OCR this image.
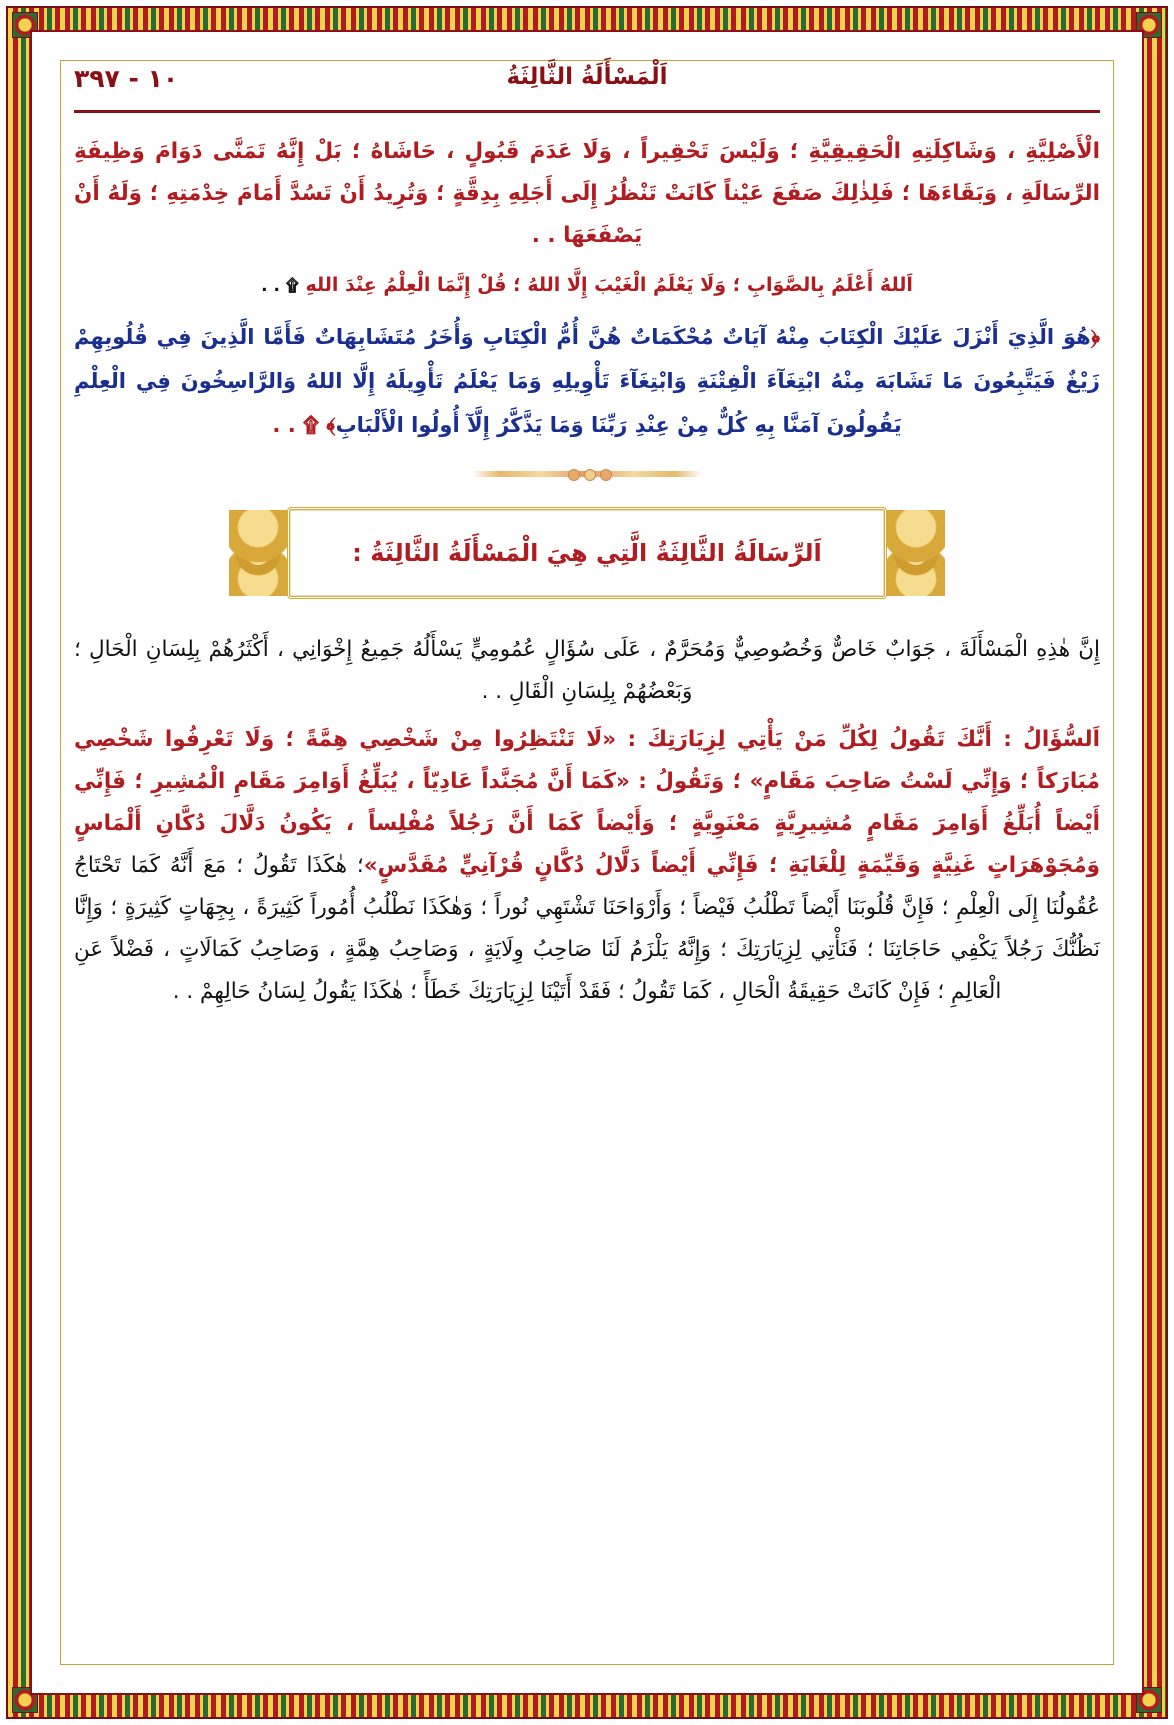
١٠ - ٣٩٧	اَلْمَسْأَلَةُ الثَّالِثَةُ

الْأَصْلِيَّةِ ، وَشَاكِلَتِهِ الْحَقِيقِيَّةِ ؛ وَلَيْسَ تَحْقِيراً ، وَلَا عَدَمَ قَبُولٍ ، حَاشَاهُ ؛ بَلْ إِنَّهُ تَمَنَّى دَوَامَ وَظِيفَةِ الرِّسَالَةِ ، وَبَقَاءَهَا ؛ فَلِذٰلِكَ صَفَعَ عَيْناً كَانَتْ تَنْظُرُ إِلَى أَجَلِهِ بِدِقَّةٍ ؛ وَتُرِيدُ أَنْ تَسُدَّ أَمَامَ خِدْمَتِهِ ؛ وَلَهُ أَنْ يَصْفَعَهَا . .

اَللهُ أَعْلَمُ بِالصَّوَابِ ؛ وَلَا يَعْلَمُ الْغَيْبَ إِلَّا اللهُ ؛ قُلْ إِنَّمَا الْعِلْمُ عِنْدَ اللهِ ۩ . .

﴿هُوَ الَّذِيَ أَنْزَلَ عَلَيْكَ الْكِتَابَ مِنْهُ آيَاتٌ مُحْكَمَاتٌ هُنَّ أُمُّ الْكِتَابِ وَأُخَرُ مُتَشَابِهَاتٌ فَأَمَّا الَّذِينَ فِي قُلُوبِهِمْ زَيْغٌ فَيَتَّبِعُونَ مَا تَشَابَهَ مِنْهُ ابْتِغَآءَ الْفِتْنَةِ وَابْتِغَآءَ تَأْوِيلِهِ وَمَا يَعْلَمُ تَأْوِيلَهُ إِلَّا اللهُ وَالرَّاسِخُونَ فِي الْعِلْمِ يَقُولُونَ آمَنَّا بِهِ كُلٌّ مِنْ عِنْدِ رَبِّنَا وَمَا يَذَّكَّرُ إِلَّآ أُولُوا الْأَلْبَابِ﴾ ۩ . .

اَلرِّسَالَةُ الثَّالِثَةُ الَّتِي هِيَ الْمَسْأَلَةُ الثَّالِثَةُ :

إِنَّ هٰذِهِ الْمَسْأَلَةَ ، جَوَابٌ خَاصٌّ وَخُصُوصِيٌّ وَمُحَرَّمٌ ، عَلَى سُؤَالٍ عُمُومِيٍّ يَسْأَلُهُ جَمِيعُ إِخْوَانِي ، أَكْثَرُهُمْ بِلِسَانِ الْحَالِ ؛ وَبَعْضُهُمْ بِلِسَانِ الْقَالِ . .

اَلسُّؤَالُ : أَنَّكَ تَقُولُ لِكُلِّ مَنْ يَأْتِي لِزِيَارَتِكَ : «لَا تَنْتَظِرُوا مِنْ شَخْصِي هِمَّةً ؛ وَلَا تَعْرِفُوا شَخْصِي مُبَارَكاً ؛ وَإِنِّي لَسْتُ صَاحِبَ مَقَامٍ» ؛ وَتَقُولُ : «كَمَا أَنَّ مُجَنَّداً عَادِيّاً ، يُبَلِّغُ أَوَامِرَ مَقَامِ الْمُشِيرِ ؛ فَإِنِّي أَيْضاً أُبَلِّغُ أَوَامِرَ مَقَامٍ مُشِيرِيَّةٍ مَعْنَوِيَّةٍ ؛ وَأَيْضاً كَمَا أَنَّ رَجُلاً مُفْلِساً ، يَكُونُ دَلَّالَ دُكَّانِ أَلْمَاسٍ وَمُجَوْهَرَاتٍ غَنِيَّةٍ وَقَيِّمَةٍ لِلْغَايَةِ ؛ فَإِنِّي أَيْضاً دَلَّالُ دُكَّانٍ قُرْآنِيٍّ مُقَدَّسٍ»؛ هٰكَذَا تَقُولُ ؛ مَعَ أَنَّهُ كَمَا تَحْتَاجُ عُقُولُنَا إِلَى الْعِلْمِ ؛ فَإِنَّ قُلُوبَنَا أَيْضاً تَطْلُبُ فَيْضاً ؛ وَأَرْوَاحَنَا تَشْتَهِي نُوراً ؛ وَهٰكَذَا نَطْلُبُ أُمُوراً كَثِيرَةً ، بِجِهَاتٍ كَثِيرَةٍ ؛ وَإِنَّا نَظُنُّكَ رَجُلاً يَكْفِي حَاجَاتِنَا ؛ فَنَأْتِي لِزِيَارَتِكَ ؛ وَإِنَّهُ يَلْزَمُ لَنَا صَاحِبُ وِلَايَةٍ ، وَصَاحِبُ هِمَّةٍ ، وَصَاحِبُ كَمَالَاتٍ ، فَضْلاً عَنِ الْعَالِمِ ؛ فَإِنْ كَانَتْ حَقِيقَةُ الْحَالِ ، كَمَا تَقُولُ ؛ فَقَدْ أَتَيْنَا لِزِيَارَتِكَ خَطَأً ؛ هٰكَذَا يَقُولُ لِسَانُ حَالِهِمْ . .
